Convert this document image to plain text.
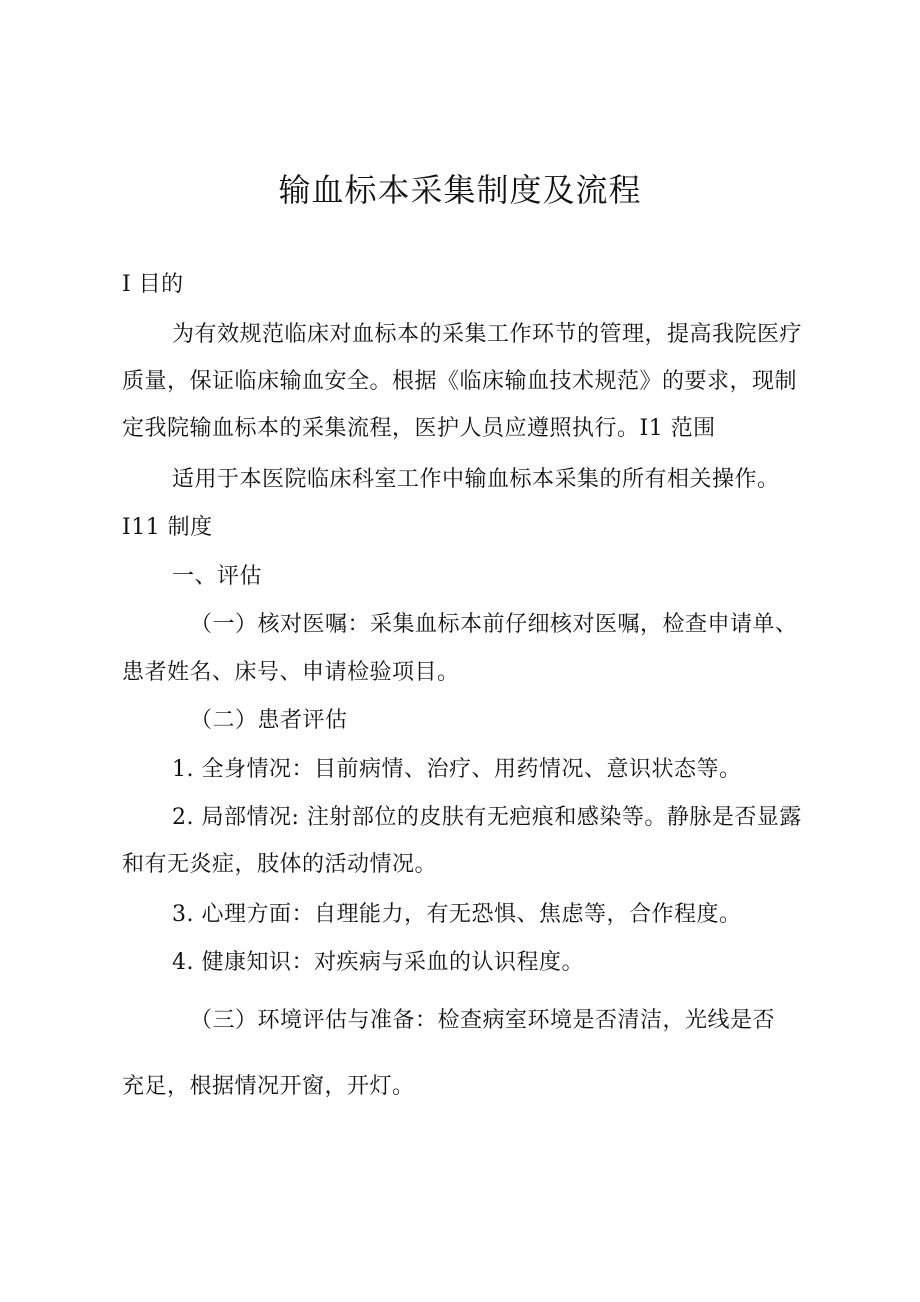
输血标本采集制度及流程
I 目的
为有效规范临床对血标本的采集工作环节的管理，提高我院医疗
质量，保证临床输血安全。根据《临床输血技术规范》的要求，现制
定我院输血标本的采集流程，医护人员应遵照执行。I1 范围
适用于本医院临床科室工作中输血标本采集的所有相关操作。
I11 制度
一、评估
（一）核对医嘱：采集血标本前仔细核对医嘱，检查申请单、
患者姓名、床号、申请检验项目。
（二）患者评估
1. 全身情况：目前病情、治疗、用药情况、意识状态等。
2. 局部情况: 注射部位的皮肤有无疤痕和感染等。静脉是否显露
和有无炎症，肢体的活动情况。
3. 心理方面：自理能力，有无恐惧、焦虑等，合作程度。
4. 健康知识：对疾病与采血的认识程度。
（三）环境评估与准备：检查病室环境是否清洁，光线是否
充足，根据情况开窗，开灯。
